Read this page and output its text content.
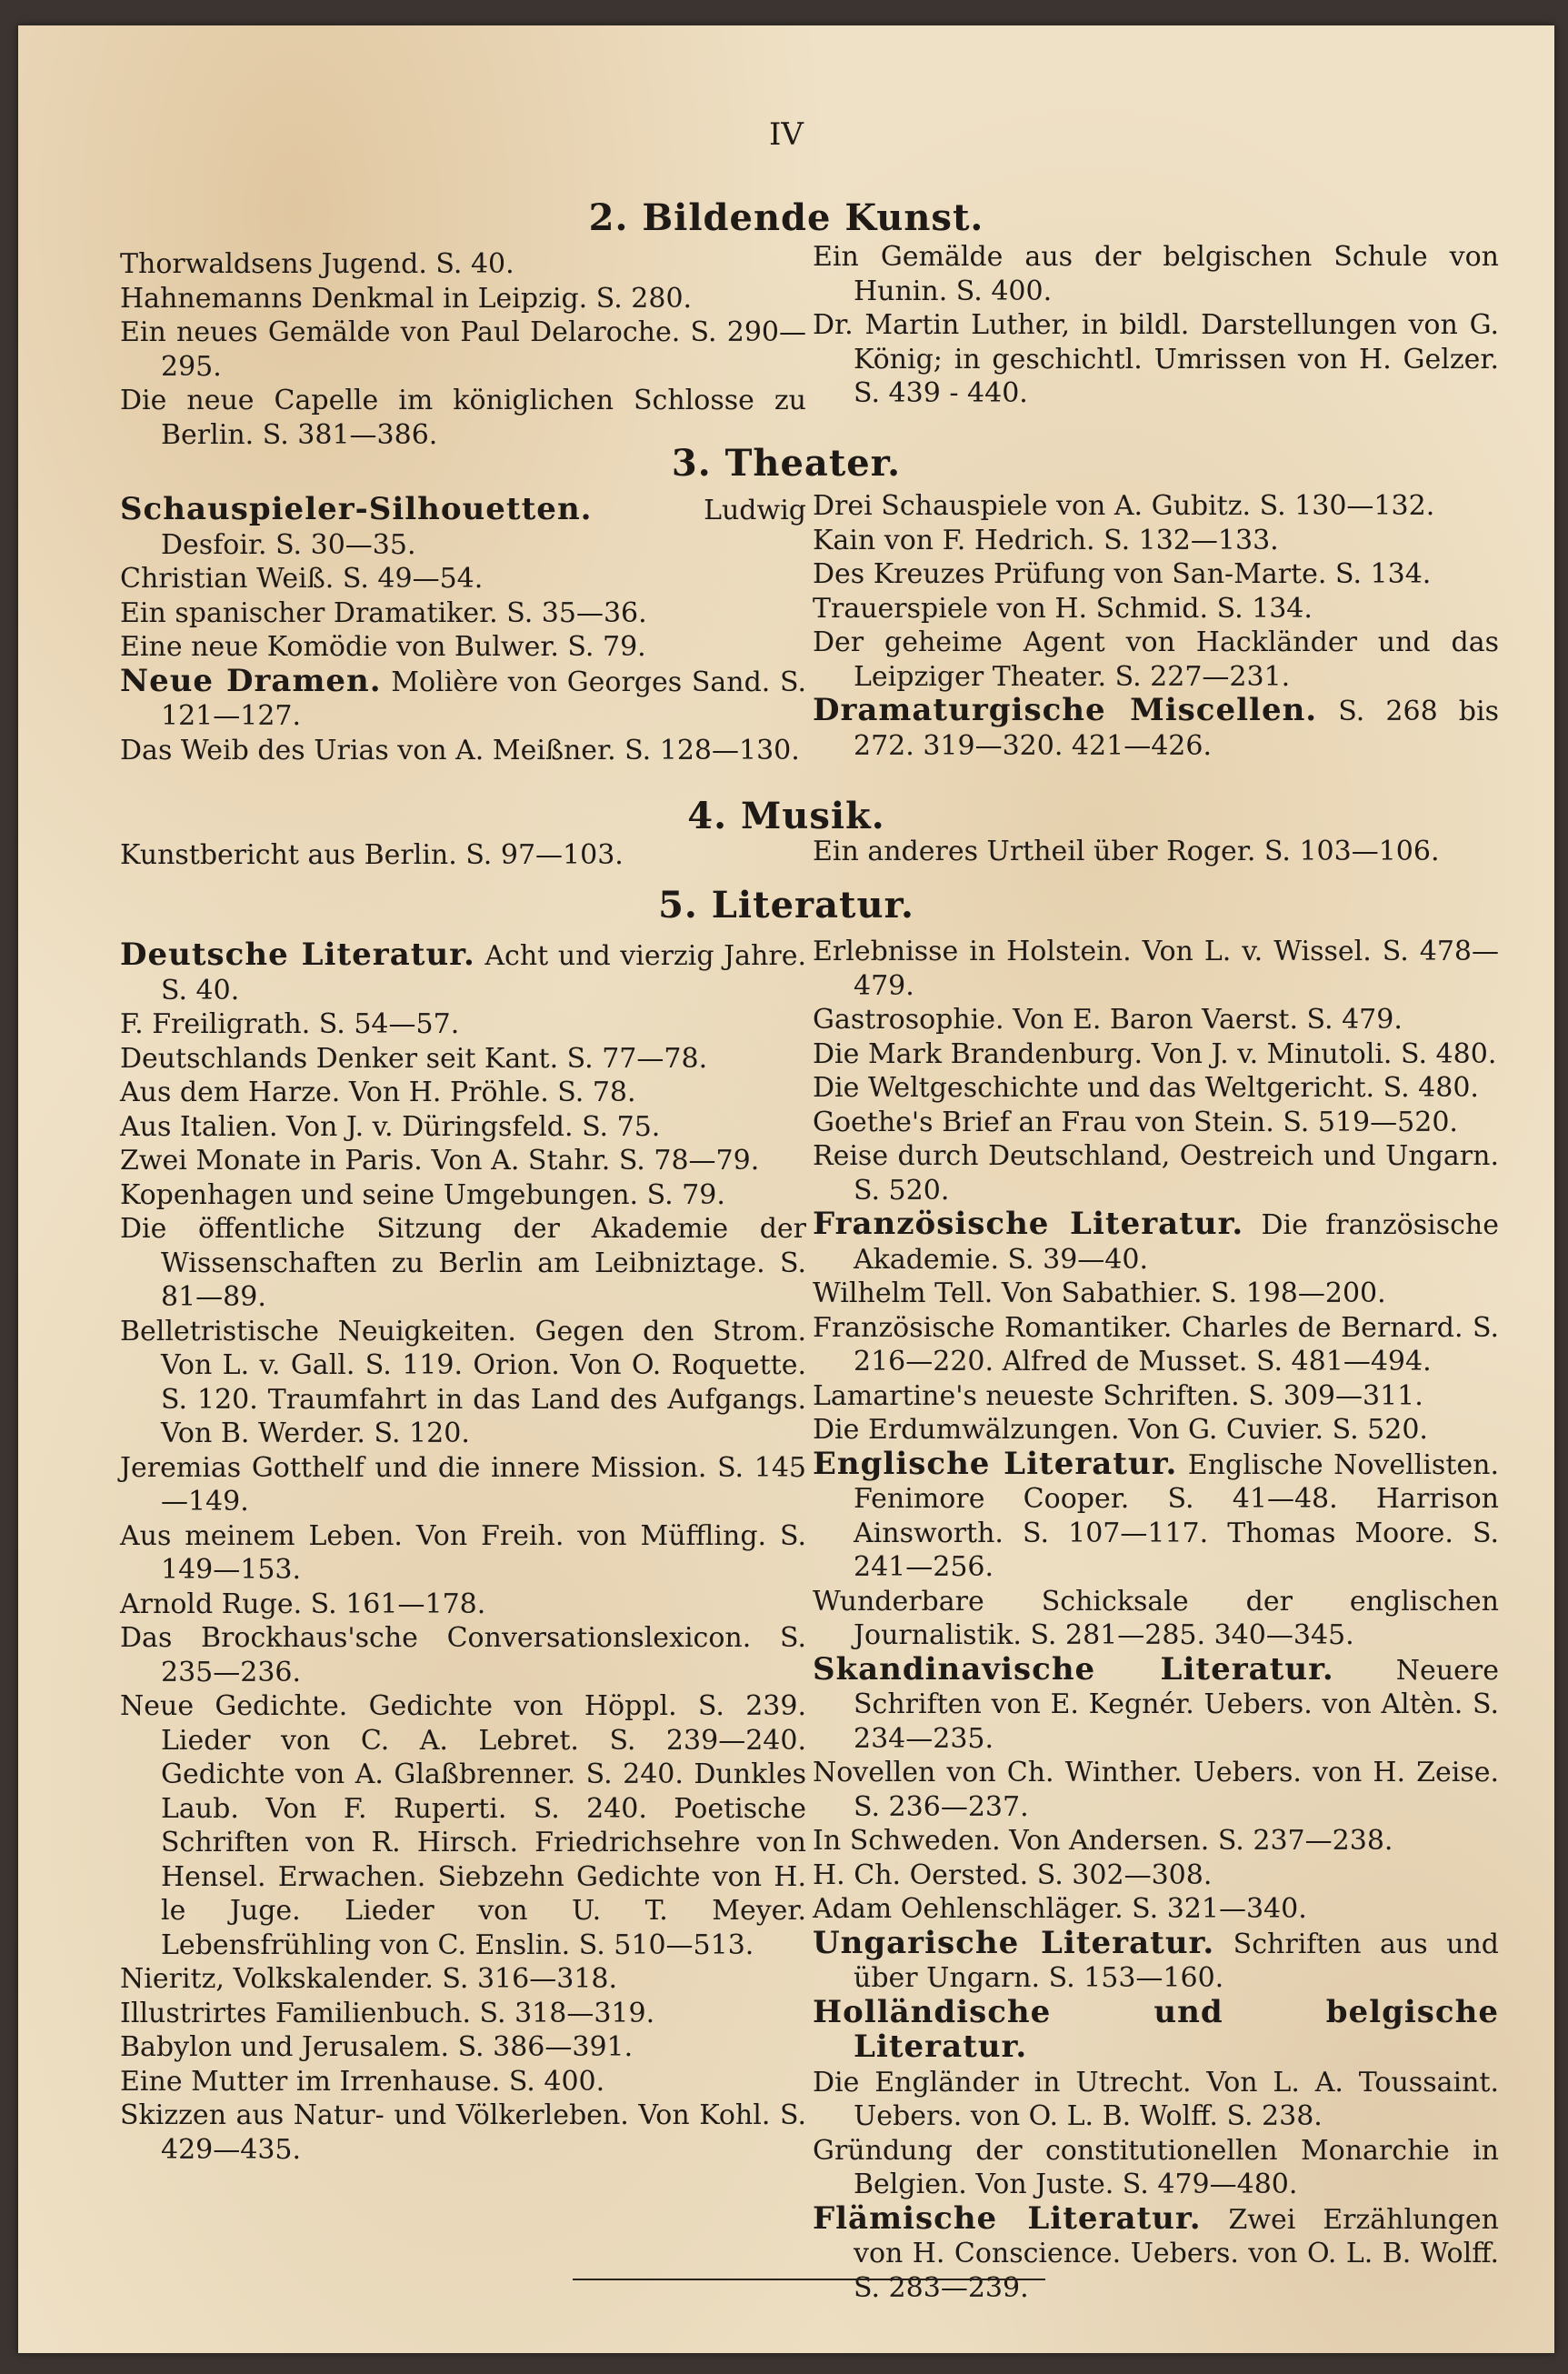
IV
2. Bildende Kunst.

Thorwaldsens Jugend. S. 40.

Hahnemanns Denkmal in Leipzig. S. 280.

Ein neues Gemälde von Paul Delaroche. S. 290—295.

Die neue Capelle im königlichen Schlosse zu Berlin. S. 381—386.

Ein Gemälde aus der belgischen Schule von Hunin. S. 400.

Dr. Martin Luther, in bildl. Darstellungen von G. König; in geschichtl. Umrissen von H. Gelzer. S. 439 - 440.

3. Theater.

Schauspieler-Silhouetten. Ludwig Desfoir. S. 30—35.

Christian Weiß. S. 49—54.

Ein spanischer Dramatiker. S. 35—36.

Eine neue Komödie von Bulwer. S. 79.

Neue Dramen. Molière von Georges Sand. S. 121—127.

Das Weib des Urias von A. Meißner. S. 128—130.

Drei Schauspiele von A. Gubitz. S. 130—132.

Kain von F. Hedrich. S. 132—133.

Des Kreuzes Prüfung von San-Marte. S. 134.

Trauerspiele von H. Schmid. S. 134.

Der geheime Agent von Hackländer und das Leipziger Theater. S. 227—231.

Dramaturgische Miscellen. S. 268 bis 272. 319—320. 421—426.

4. Musik.

Kunstbericht aus Berlin. S. 97—103.	Ein anderes Urtheil über Roger. S. 103—106.

5. Literatur.

Deutsche Literatur. Acht und vierzig Jahre. S. 40.

F. Freiligrath. S. 54—57.

Deutschlands Denker seit Kant. S. 77—78.

Aus dem Harze. Von H. Pröhle. S. 78.

Aus Italien. Von J. v. Düringsfeld. S. 75.

Zwei Monate in Paris. Von A. Stahr. S. 78—79.

Kopenhagen und seine Umgebungen. S. 79.

Die öffentliche Sitzung der Akademie der Wissenschaften zu Berlin am Leibniztage. S. 81—89.

Belletristische Neuigkeiten. Gegen den Strom. Von L. v. Gall. S. 119. Orion. Von O. Roquette. S. 120. Traumfahrt in das Land des Aufgangs. Von B. Werder. S. 120.

Jeremias Gotthelf und die innere Mission. S. 145—149.

Aus meinem Leben. Von Freih. von Müffling. S. 149—153.

Arnold Ruge. S. 161—178.

Das Brockhaus'sche Conversationslexicon. S. 235—236.

Neue Gedichte. Gedichte von Höppl. S. 239. Lieder von C. A. Lebret. S. 239—240. Gedichte von A. Glaßbrenner. S. 240. Dunkles Laub. Von F. Ruperti. S. 240. Poetische Schriften von R. Hirsch. Friedrichsehre von Hensel. Erwachen. Siebzehn Gedichte von H. le Juge. Lieder von U. T. Meyer. Lebensfrühling von C. Enslin. S. 510—513.

Nieritz, Volkskalender. S. 316—318.

Illustrirtes Familienbuch. S. 318—319.

Babylon und Jerusalem. S. 386—391.

Eine Mutter im Irrenhause. S. 400.

Skizzen aus Natur- und Völkerleben. Von Kohl. S. 429—435.

Erlebnisse in Holstein. Von L. v. Wissel. S. 478—479.

Gastrosophie. Von E. Baron Vaerst. S. 479.

Die Mark Brandenburg. Von J. v. Minutoli. S. 480.

Die Weltgeschichte und das Weltgericht. S. 480.

Goethe's Brief an Frau von Stein. S. 519—520.

Reise durch Deutschland, Oestreich und Ungarn. S. 520.

Französische Literatur. Die französische Akademie. S. 39—40.

Wilhelm Tell. Von Sabathier. S. 198—200.

Französische Romantiker. Charles de Bernard. S. 216—220. Alfred de Musset. S. 481—494.

Lamartine's neueste Schriften. S. 309—311.

Die Erdumwälzungen. Von G. Cuvier. S. 520.

Englische Literatur. Englische Novellisten. Fenimore Cooper. S. 41—48. Harrison Ainsworth. S. 107—117. Thomas Moore. S. 241—256.

Wunderbare Schicksale der englischen Journalistik. S. 281—285. 340—345.

Skandinavische Literatur. Neuere Schriften von E. Kegnér. Uebers. von Altèn. S. 234—235.

Novellen von Ch. Winther. Uebers. von H. Zeise. S. 236—237.

In Schweden. Von Andersen. S. 237—238.

H. Ch. Oersted. S. 302—308.

Adam Oehlenschläger. S. 321—340.

Ungarische Literatur. Schriften aus und über Ungarn. S. 153—160.

Holländische und belgische Literatur.

Die Engländer in Utrecht. Von L. A. Toussaint. Uebers. von O. L. B. Wolff. S. 238.

Gründung der constitutionellen Monarchie in Belgien. Von Juste. S. 479—480.

Flämische Literatur. Zwei Erzählungen von H. Conscience. Uebers. von O. L. B. Wolff. S. 283—239.
